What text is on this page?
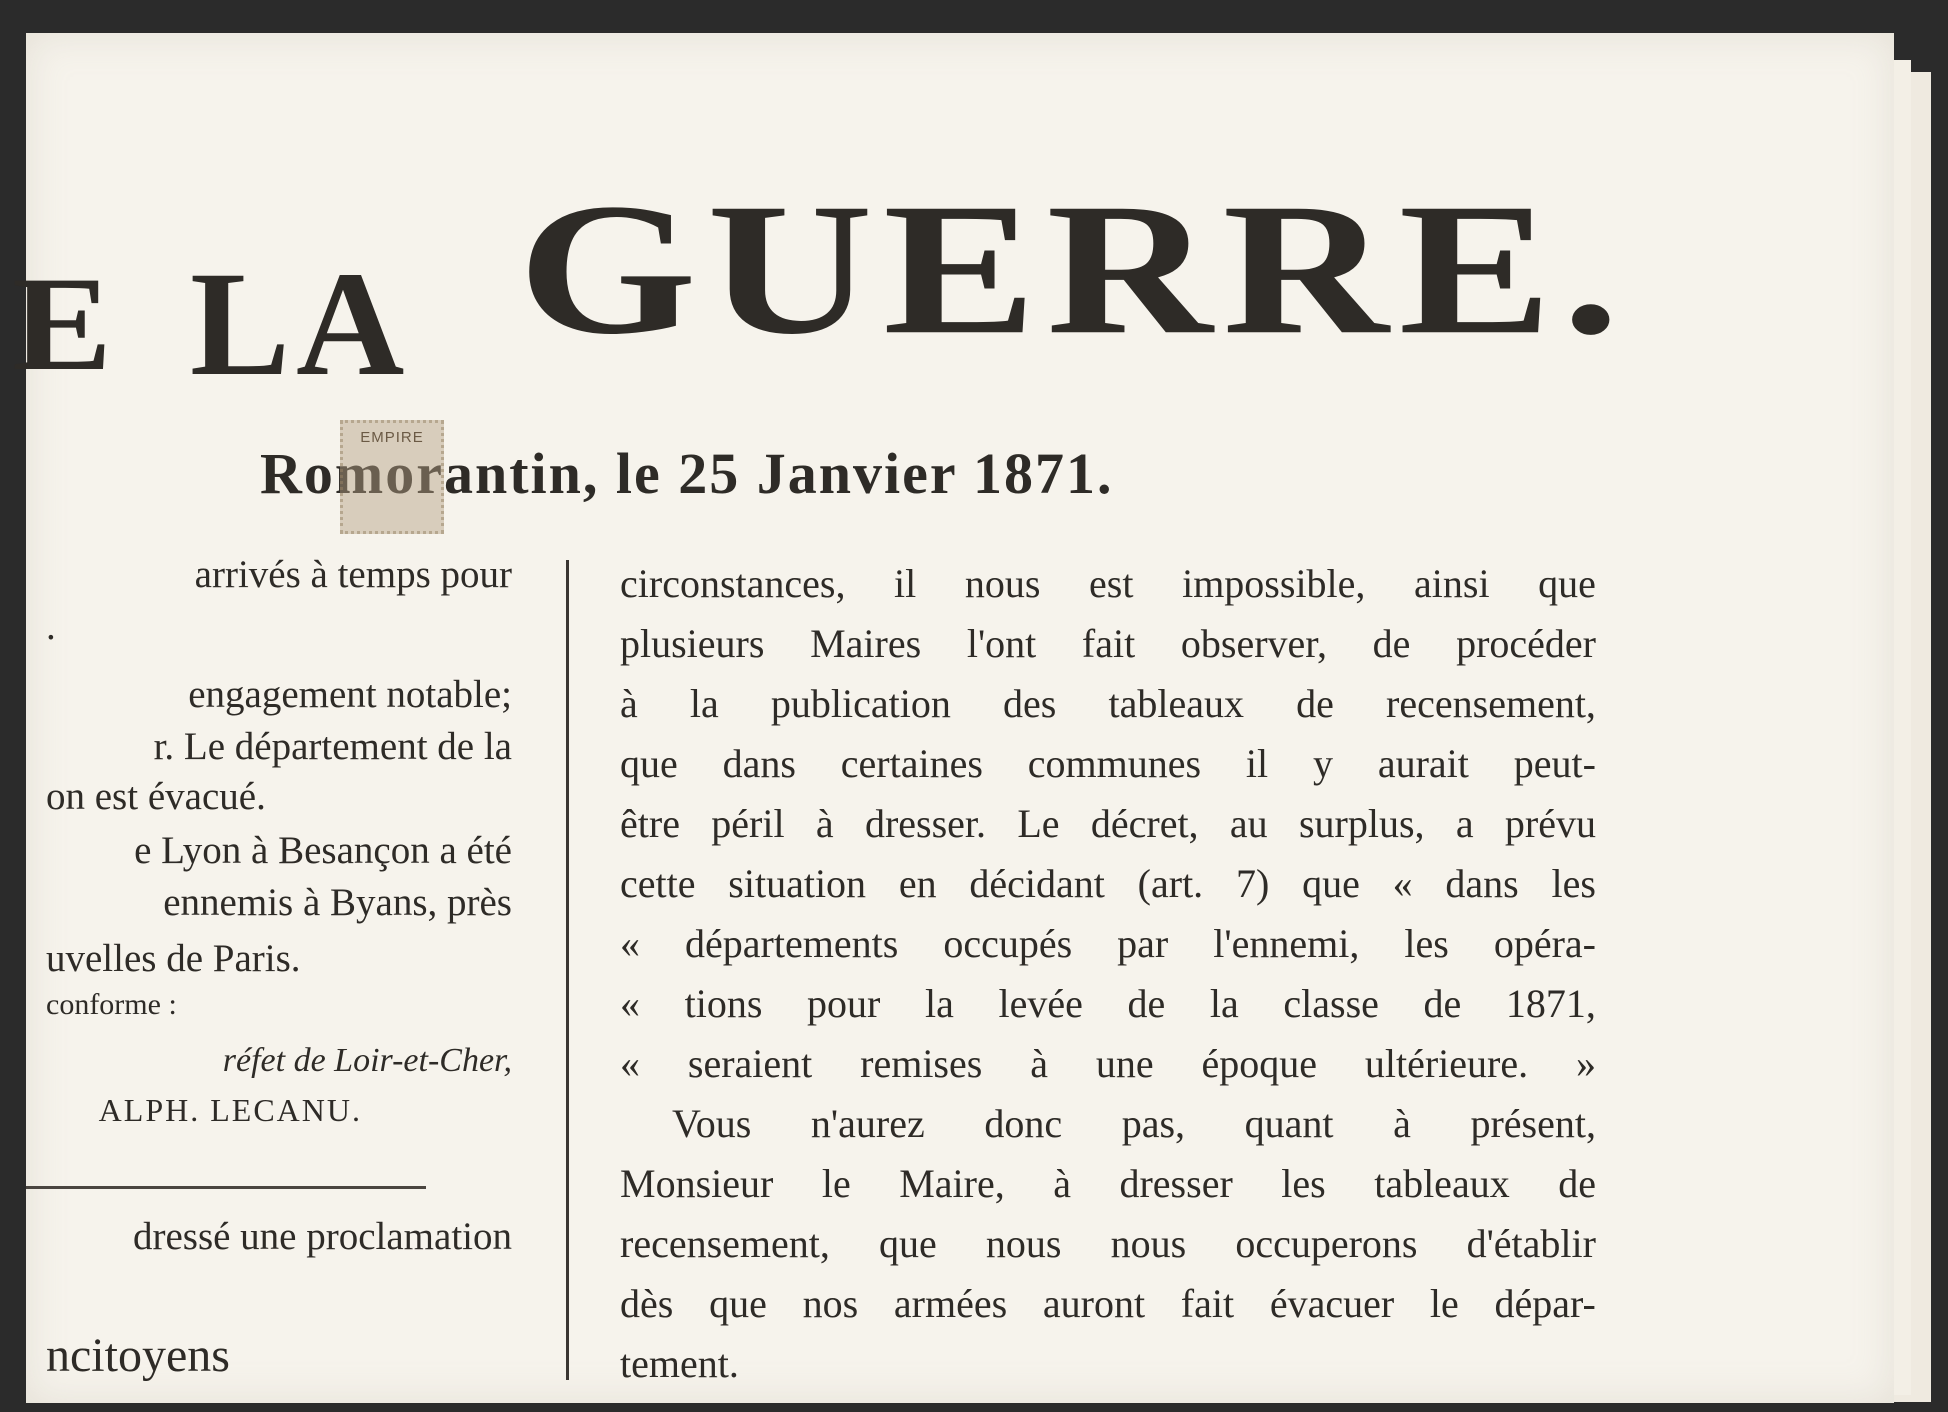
E LA GUERRE.
Romorantin, le 25 Janvier 1871.
EMPIRE
arrivés à temps pour
.
engagement notable;
r. Le département de la
on est évacué.
e Lyon à Besançon a été
ennemis à Byans, près
uvelles de Paris.
conforme :
réfet de Loir-et-Cher,
ALPH. LECANU.
dressé une proclamation
ncitoyens
circonstances, il nous est impossible, ainsi que
plusieurs Maires l'ont fait observer, de procéder
à la publication des tableaux de recensement,
que dans certaines communes il y aurait peut-
être péril à dresser. Le décret, au surplus, a prévu
cette situation en décidant (art. 7) que « dans les
« départements occupés par l'ennemi, les opéra-
« tions pour la levée de la classe de 1871,
« seraient remises à une époque ultérieure. »
Vous n'aurez donc pas, quant à présent,
Monsieur le Maire, à dresser les tableaux de
recensement, que nous nous occuperons d'établir
dès que nos armées auront fait évacuer le dépar-
tement.
